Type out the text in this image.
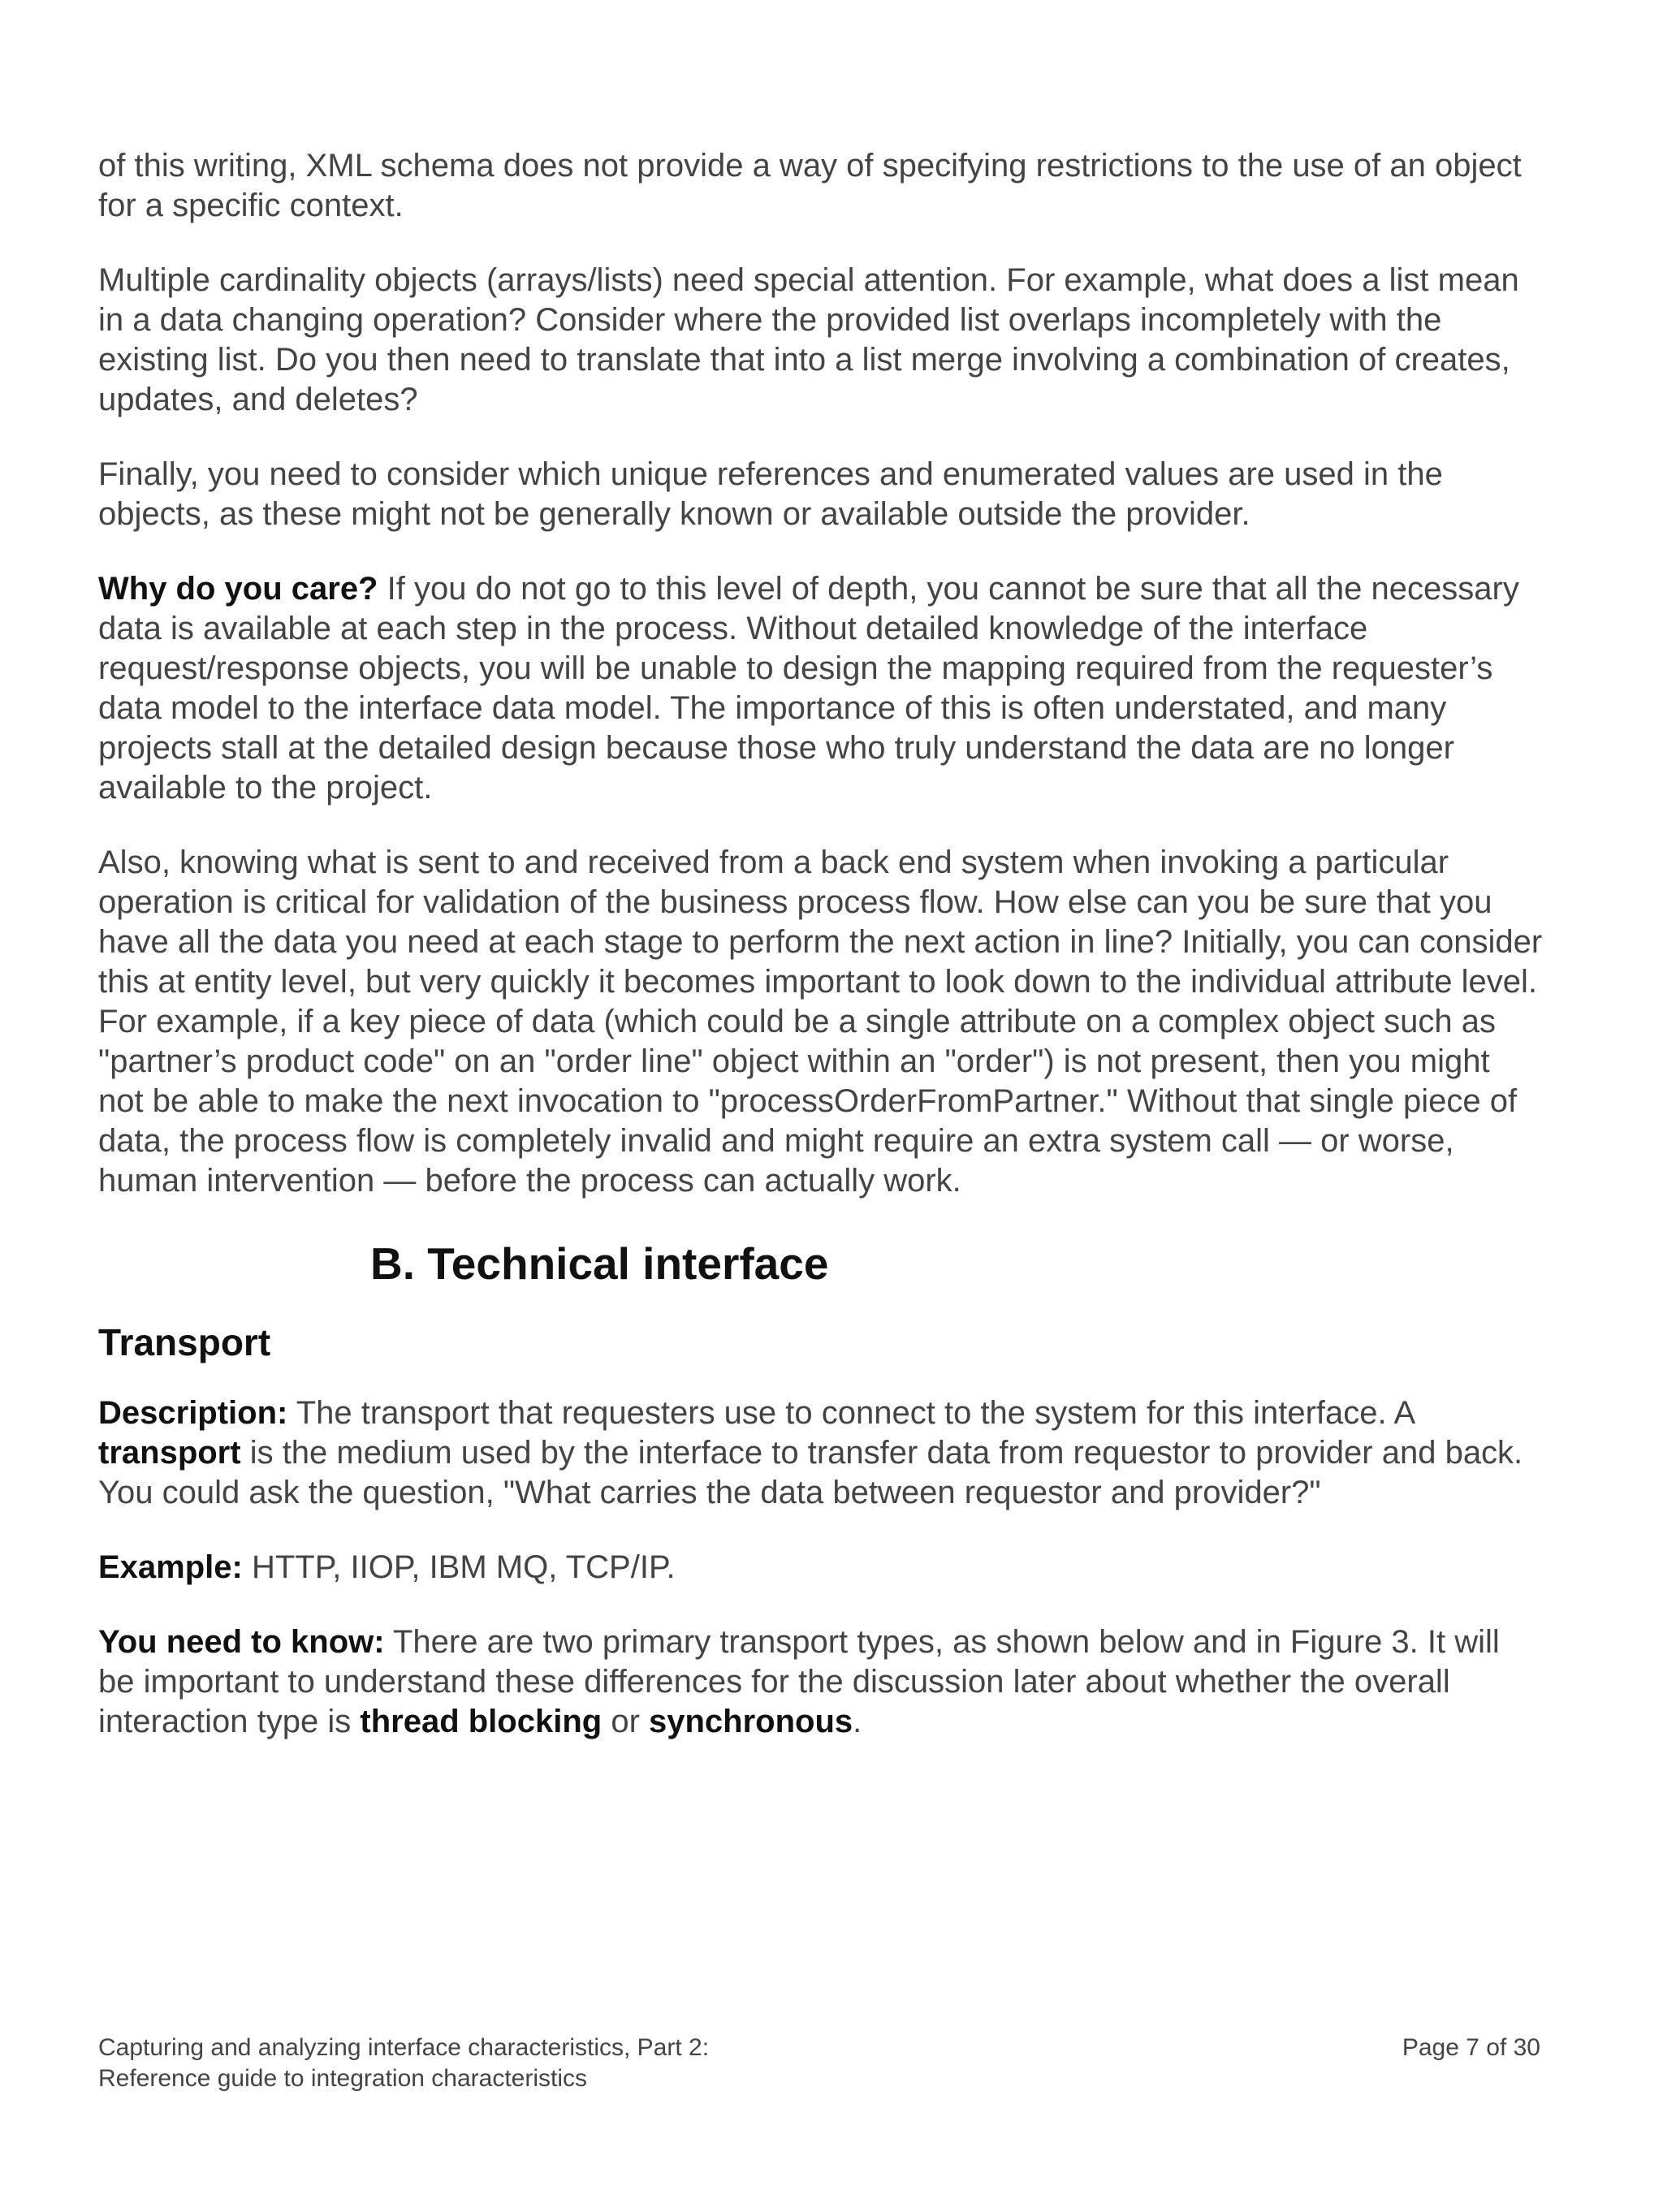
of this writing, XML schema does not provide a way of specifying restrictions to the use of an object for a specific context.

Multiple cardinality objects (arrays/lists) need special attention. For example, what does a list mean in a data changing operation? Consider where the provided list overlaps incompletely with the existing list. Do you then need to translate that into a list merge involving a combination of creates, updates, and deletes?

Finally, you need to consider which unique references and enumerated values are used in the objects, as these might not be generally known or available outside the provider.

Why do you care? If you do not go to this level of depth, you cannot be sure that all the necessary data is available at each step in the process. Without detailed knowledge of the interface request/response objects, you will be unable to design the mapping required from the requester’s data model to the interface data model. The importance of this is often understated, and many projects stall at the detailed design because those who truly understand the data are no longer available to the project.

Also, knowing what is sent to and received from a back end system when invoking a particular operation is critical for validation of the business process flow. How else can you be sure that you have all the data you need at each stage to perform the next action in line? Initially, you can consider this at entity level, but very quickly it becomes important to look down to the individual attribute level. For example, if a key piece of data (which could be a single attribute on a complex object such as "partner’s product code" on an "order line" object within an "order") is not present, then you might not be able to make the next invocation to "processOrderFromPartner." Without that single piece of data, the process flow is completely invalid and might require an extra system call — or worse, human intervention — before the process can actually work.

B. Technical interface
Transport

Description: The transport that requesters use to connect to the system for this interface. A transport is the medium used by the interface to transfer data from requestor to provider and back. You could ask the question, "What carries the data between requestor and provider?"

Example: HTTP, IIOP, IBM MQ, TCP/IP.

You need to know: There are two primary transport types, as shown below and in Figure 3. It will be important to understand these differences for the discussion later about whether the overall interaction type is thread blocking or synchronous.

Capturing and analyzing interface characteristics, Part 2:
Reference guide to integration characteristics
Page 7 of 30
